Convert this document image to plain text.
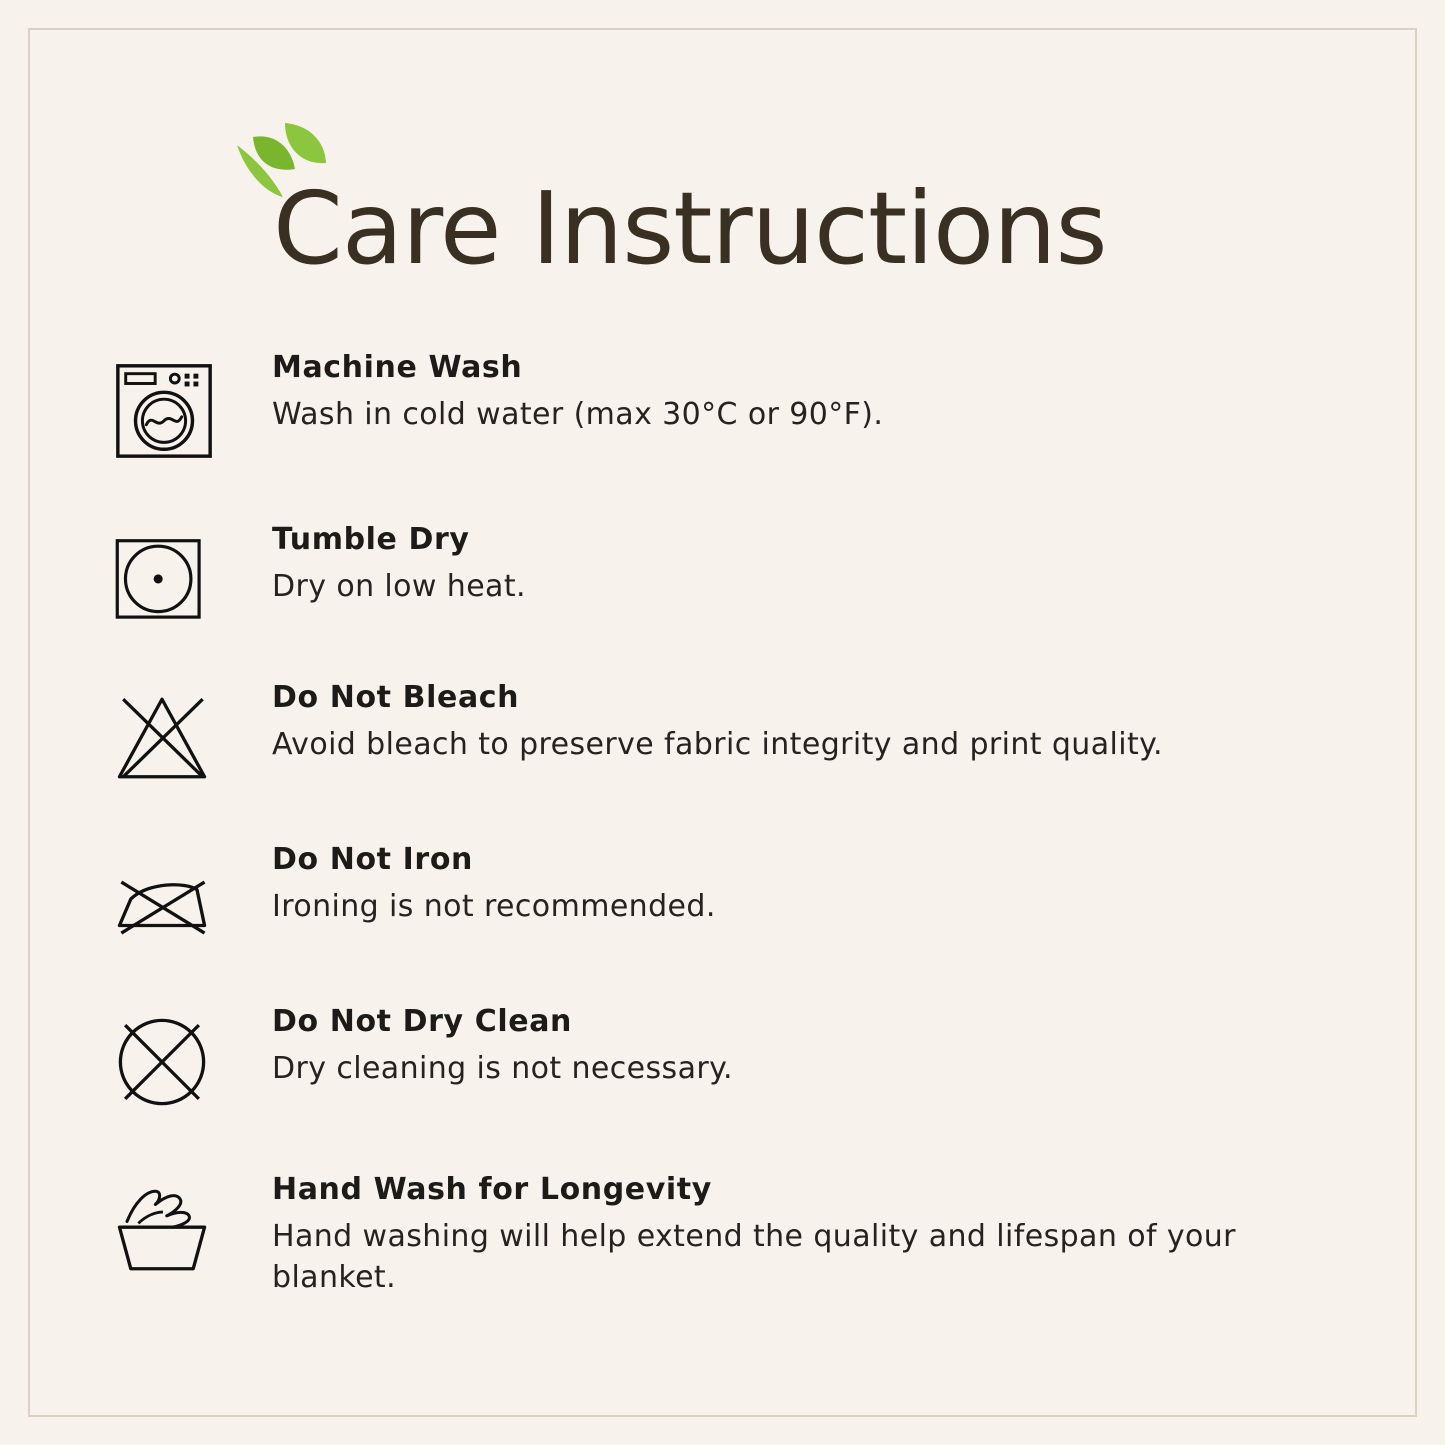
Care Instructions
Machine Wash
Wash in cold water (max 30°C or 90°F).
Tumble Dry
Dry on low heat.
Do Not Bleach
Avoid bleach to preserve fabric integrity and print quality.
Do Not Iron
Ironing is not recommended.
Do Not Dry Clean
Dry cleaning is not necessary.
Hand Wash for Longevity
Hand washing will help extend the quality and lifespan of your blanket.
